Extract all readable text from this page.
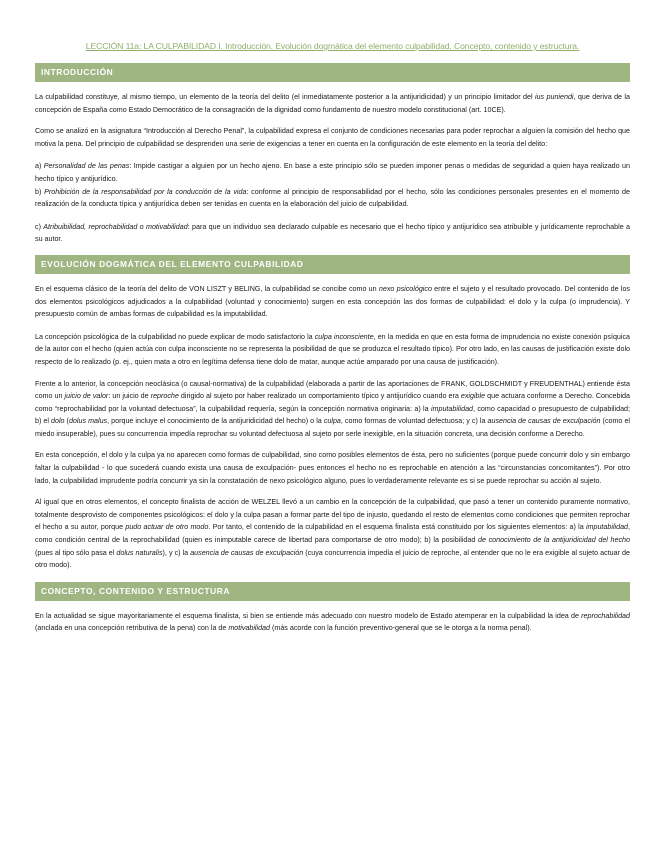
LECCIÓN 11a: LA CULPABILIDAD I. Introducción. Evolución dogmática del elemento culpabilidad. Concepto, contenido y estructura.
INTRODUCCIÓN

La culpabilidad constituye, al mismo tiempo, un elemento de la teoría del delito (el inmediatamente posterior a la antijuridicidad) y un principio limitador del ius puniendi, que deriva de la concepción de España como Estado Democrático de la consagración de la dignidad como fundamento de nuestro modelo constitucional (art. 10CE).

Como se analizó en la asignatura “Introducción al Derecho Penal”, la culpabilidad expresa el conjunto de condiciones necesarias para poder reprochar a alguien la comisión del hecho que motiva la pena. Del principio de culpabilidad se desprenden una serie de exigencias a tener en cuenta en la configuración de este elemento en la teoría del delito:

a) Personalidad de las penas: Impide castigar a alguien por un hecho ajeno. En base a este principio sólo se pueden imponer penas o medidas de seguridad a quien haya realizado un hecho típico y antijurídico.
b) Prohibición de la responsabilidad por la conducción de la vida: conforme al principio de responsabilidad por el hecho, sólo las condiciones personales presentes en el momento de realización de la conducta típica y antijurídica deben ser tenidas en cuenta en la elaboración del juicio de culpabilidad.

c) Atribuibilidad, reprochabilidad o motivabilidad: para que un individuo sea declarado culpable es necesario que el hecho típico y antijurídico sea atribuible y jurídicamente reprochable a su autor.

EVOLUCIÓN DOGMÁTICA DEL ELEMENTO CULPABILIDAD

En el esquema clásico de la teoría del delito de VON LISZT y BELING, la culpabilidad se concibe como un nexo psicológico entre el sujeto y el resultado provocado. Del contenido de los dos elementos psicológicos adjudicados a la culpabilidad (voluntad y conocimiento) surgen en esta concepción las dos formas de culpabilidad: el dolo y la culpa (o imprudencia). Y presupuesto común de ambas formas de culpabilidad es la imputabilidad.

La concepción psicológica de la culpabilidad no puede explicar de modo satisfactorio la culpa inconsciente, en la medida en que en esta forma de imprudencia no existe conexión psíquica de la autor con el hecho (quien actúa con culpa inconsciente no se representa la posibilidad de que se produzca el resultado típico). Por otro lado, en las causas de justificación existe dolo respecto de lo realizado (p. ej., quien mata a otro en legítima defensa tiene dolo de matar, aunque actúe amparado por una causa de justificación).

Frente a lo anterior, la concepción neoclásica (o causal-normativa) de la culpabilidad (elaborada a partir de las aportaciones de FRANK, GOLDSCHMIDT y FREUDENTHAL) entiende ésta como un juicio de valor: un juicio de reproche dirigido al sujeto por haber realizado un comportamiento típico y antijurídico cuando era exigible que actuara conforme a Derecho. Concebida como “reprochabilidad por la voluntad defectuosa”, la culpabilidad requería, según la concepción normativa originaria: a) la imputabilidad, como capacidad o presupuesto de culpabilidad; b) el dolo (dolus malus, porque incluye el conocimiento de la antijuridicidad del hecho) o la culpa, como formas de voluntad defectuosa; y c) la ausencia de causas de exculpación (como el miedo insuperable), pues su concurrencia impedía reprochar su voluntad defectuosa al sujeto por serle inexigible, en la situación concreta, una decisión conforme a Derecho.

En esta concepción, el dolo y la culpa ya no aparecen como formas de culpabilidad, sino como posibles elementos de ésta, pero no suficientes (porque puede concurrir dolo y sin embargo faltar la culpabilidad - lo que sucederá cuando exista una causa de exculpación- pues entonces el hecho no es reprochable en atención a las “circunstancias concomitantes”). Por otro lado, la culpabilidad imprudente podría concurrir ya sin la constatación de nexo psicológico alguno, pues lo verdaderamente relevante es si se puede reprochar su acción al sujeto.

Al igual que en otros elementos, el concepto finalista de acción de WELZEL llevó a un cambio en la concepción de la culpabilidad, que pasó a tener un contenido puramente normativo, totalmente desprovisto de componentes psicológicos: el dolo y la culpa pasan a formar parte del tipo de injusto, quedando el resto de elementos como condiciones que permiten reprochar el hecho a su autor, porque pudo actuar de otro modo. Por tanto, el contenido de la culpabilidad en el esquema finalista está constituido por los siguientes elementos: a) la imputabilidad, como condición central de la reprochabilidad (quien es inimputable carece de libertad para comportarse de otro modo); b) la posibilidad de conocimiento de la antijuridicidad del hecho (pues al tipo sólo pasa el dolus naturalis), y c) la ausencia de causas de exculpación (cuya concurrencia impedía el juicio de reproche, al entender que no le era exigible al sujeto actuar de otro modo).

CONCEPTO, CONTENIDO Y ESTRUCTURA

En la actualidad se sigue mayoritariamente el esquema finalista, si bien se entiende más adecuado con nuestro modelo de Estado atemperar en la culpabilidad la idea de reprochabilidad (anclada en una concepción retributiva de la pena) con la de motivabilidad (más acorde con la función preventivo-general que se le otorga a la norma penal).
